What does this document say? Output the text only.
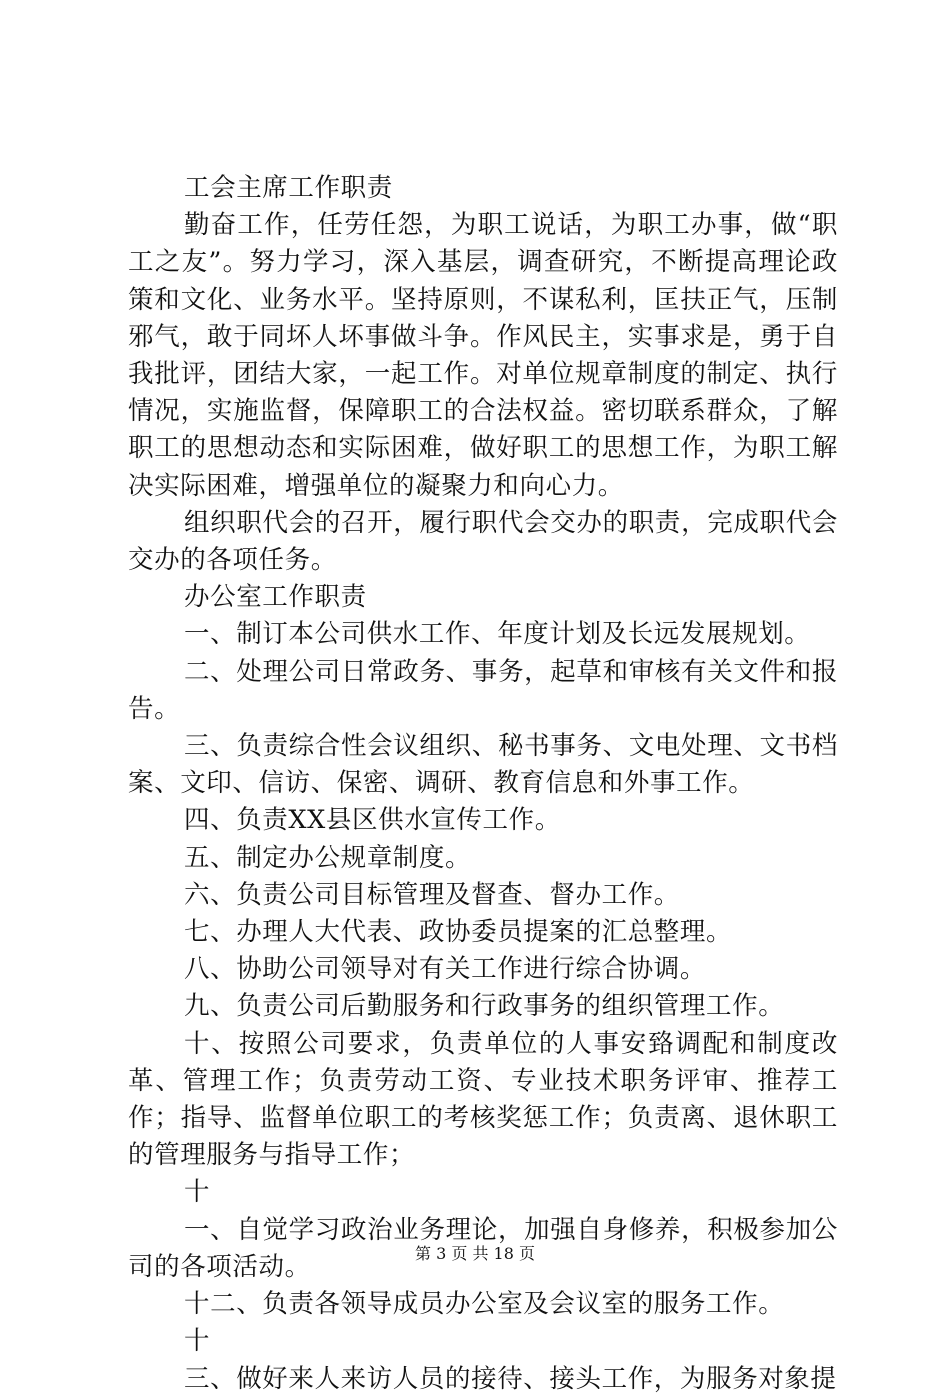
工会主席工作职责

勤奋工作，任劳任怨，为职工说话，为职工办事，做“职工之友”。努力学习，深入基层，调查研究，不断提高理论政策和文化、业务水平。坚持原则，不谋私利，匡扶正气，压制邪气，敢于同坏人坏事做斗争。作风民主，实事求是，勇于自我批评，团结大家，一起工作。对单位规章制度的制定、执行情况，实施监督，保障职工的合法权益。密切联系群众，了解职工的思想动态和实际困难，做好职工的思想工作，为职工解决实际困难，增强单位的凝聚力和向心力。

组织职代会的召开，履行职代会交办的职责，完成职代会交办的各项任务。

办公室工作职责

一、制订本公司供水工作、年度计划及长远发展规划。

二、处理公司日常政务、事务，起草和审核有关文件和报告。

三、负责综合性会议组织、秘书事务、文电处理、文书档案、文印、信访、保密、调研、教育信息和外事工作。

四、负责XX县区供水宣传工作。

五、制定办公规章制度。

六、负责公司目标管理及督查、督办工作。

七、办理人大代表、政协委员提案的汇总整理。

八、协助公司领导对有关工作进行综合协调。

九、负责公司后勤服务和行政事务的组织管理工作。

十、按照公司要求，负责单位的人事安臵调配和制度改革、管理工作；负责劳动工资、专业技术职务评审、推荐工作；指导、监督单位职工的考核奖惩工作；负责离、退休职工的管理服务与指导工作；

十

一、自觉学习政治业务理论，加强自身修养，积极参加公司的各项活动。

十二、负责各领导成员办公室及会议室的服务工作。

十

三、做好来人来访人员的接待、接头工作，为服务对象提

第 3 页 共 18 页
